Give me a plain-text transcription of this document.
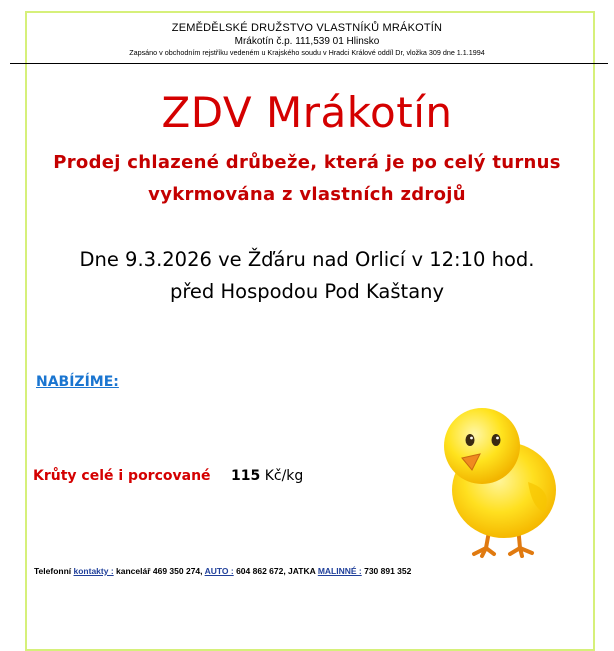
ZEMĚDĚLSKÉ DRUŽSTVO VLASTNÍKŮ MRÁKOTÍN
Mrákotín č.p. 111,539 01 Hlinsko
Zapsáno v obchodním rejstříku vedeném u Krajského soudu v Hradci Králové oddíl Dr, vložka 309 dne 1.1.1994
ZDV Mrákotín
Prodej chlazené drůbeže, která je po celý turnus
vykrmována z vlastních zdrojů
Dne 9.3.2026 ve Žďáru nad Orlicí v 12:10 hod.
před Hospodou Pod Kaštany
NABÍZÍME:
Krůty celé i porcované 115 Kč/kg
Telefonní kontakty : kancelář 469 350 274, AUTO : 604 862 672, JATKA MALINNÉ : 730 891 352
